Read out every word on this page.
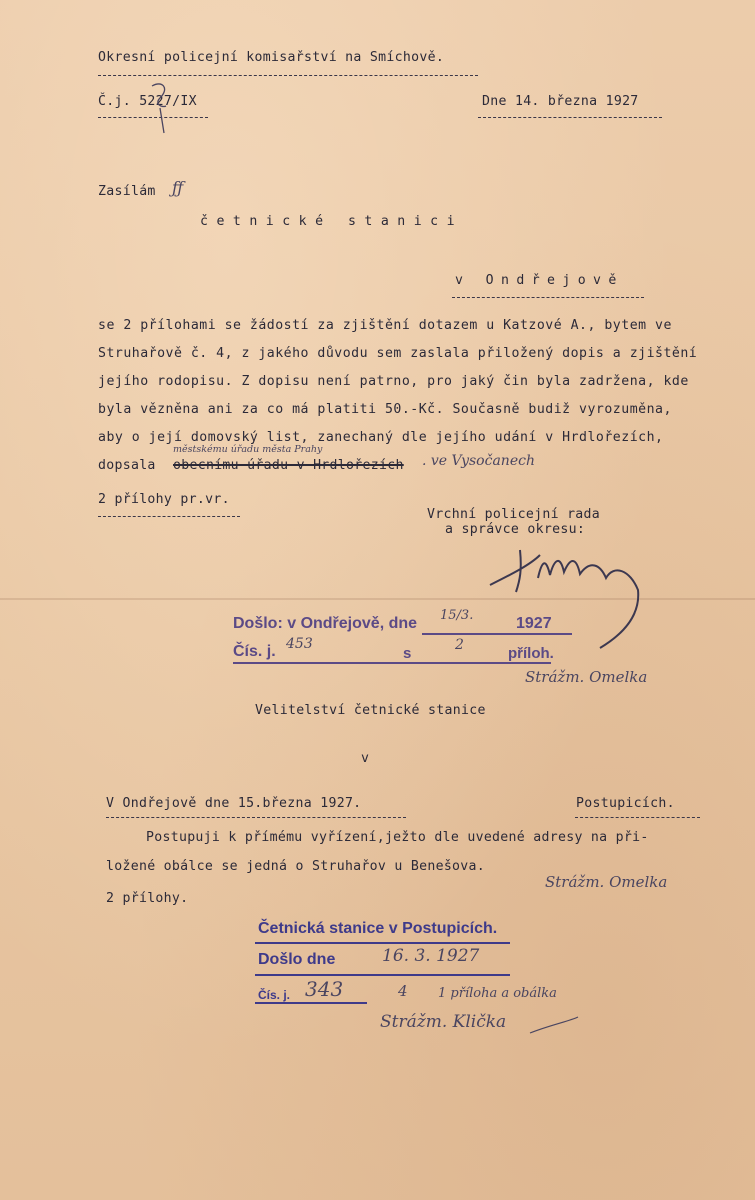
Okresní policejní komisařství na Smíchově.
Č.j. 5227/IX	Dne 14. března 1927
Zasílám ƒƒ
četnické stanici
v Ondřejově
se 2 přílohami se žádostí za zjištění dotazem u Katzové A., bytem ve
Struhařově č. 4, z jakého důvodu sem zaslala přiložený dopis a zjištění
jejího rodopisu. Z dopisu není patrno, pro jaký čin byla zadržena, kde
byla vězněna ani za co má platiti 50.-Kč. Současně budiž vyrozuměna,
aby o její domovský list, zanechaný dle jejího udání v Hrdlořezích,
městskému úřadu města Prahy
dopsala obecnímu úřadu v Hrdlořezích . ve Vysočanech
2 přílohy pr.vr.
Vrchní policejní rada
a správce okresu:
Došlo: v Ondřejově, dne 15/3.	1927
Čís. j. 453
s	2	příloh.
Strážm. Omelka
Velitelství četnické stanice
v
V Ondřejově dne 15.března 1927.	Postupicích.
Postupuji k přímému vyřízení,ježto dle uvedené adresy na při-
ložené obálce se jedná o Struhařov u Benešova.
2 přílohy.
Strážm. Omelka
Četnická stanice v Postupicích.
Došlo dne	16. 3. 1927
Čís. j. 343	4 1 příloha a obálka
Strážm. Klička
